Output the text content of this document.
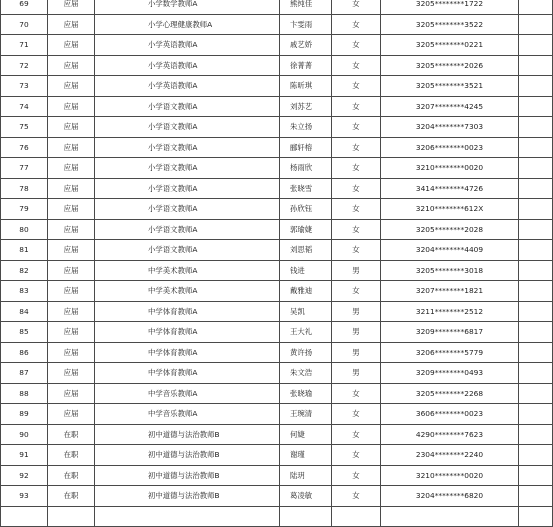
69	应届	小学数学教师A	熊纯佳	女	3205********1722	
70	应届	小学心理健康教师A	卞雯雨	女	3205********3522	
71	应届	小学英语教师A	戚艺娇	女	3205********0221	
72	应届	小学英语教师A	徐菁菁	女	3205********2026	
73	应届	小学英语教师A	陈昕琪	女	3205********3521	
74	应届	小学语文教师A	刘苏艺	女	3207********4245	
75	应届	小学语文教师A	朱立扬	女	3204********7303	
76	应届	小学语文教师A	郦轩榕	女	3206********0023	
77	应届	小学语文教师A	杨雨欣	女	3210********0020	
78	应届	小学语文教师A	张晓雪	女	3414********4726	
79	应届	小学语文教师A	孙欣钰	女	3210********612X	
80	应届	小学语文教师A	郭瑜婕	女	3205********2028	
81	应届	小学语文教师A	刘思韬	女	3204********4409	
82	应届	中学美术教师A	钱进	男	3205********3018	
83	应届	中学美术教师A	戴雅迪	女	3207********1821	
84	应届	中学体育教师A	吴凯	男	3211********2512	
85	应届	中学体育教师A	王大礼	男	3209********6817	
86	应届	中学体育教师A	黄许扬	男	3206********5779	
87	应届	中学体育教师A	朱文浩	男	3209********0493	
88	应届	中学音乐教师A	张晓瑜	女	3205********2268	
89	应届	中学音乐教师A	王琬清	女	3606********0023	
90	在职	初中道德与法治教师B	何婕	女	4290********7623	
91	在职	初中道德与法治教师B	谢瑾	女	2304********2240	
92	在职	初中道德与法治教师B	陆玥	女	3210********0020	
93	在职	初中道德与法治教师B	葛凌敏	女	3204********6820	
